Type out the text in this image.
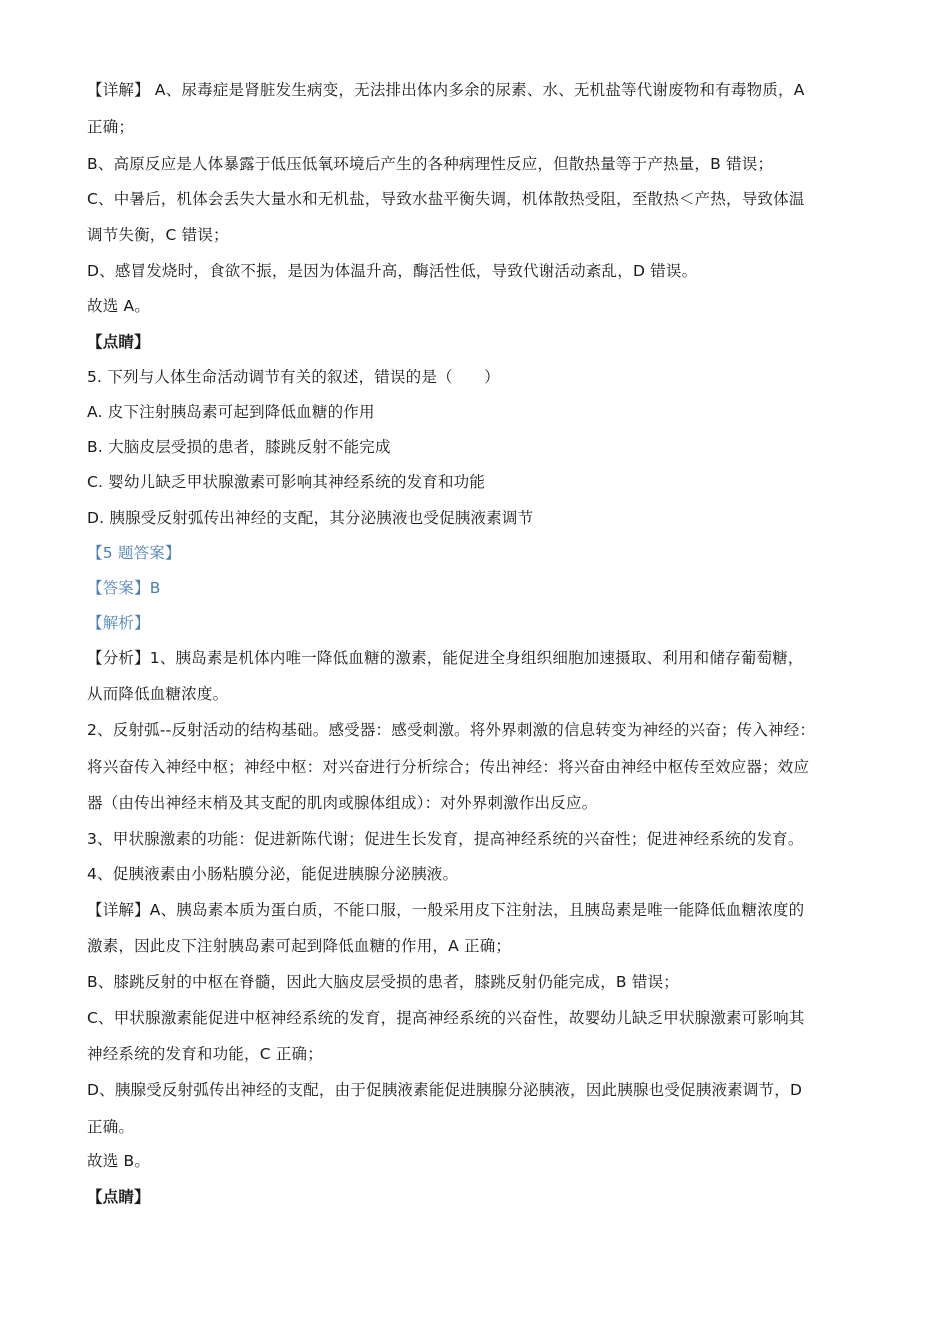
【详解】 A、尿毒症是肾脏发生病变，无法排出体内多余的尿素、水、无机盐等代谢废物和有毒物质，A
正确；
B、高原反应是人体暴露于低压低氧环境后产生的各种病理性反应，但散热量等于产热量，B 错误；
C、中暑后，机体会丢失大量水和无机盐，导致水盐平衡失调，机体散热受阻，至散热＜产热，导致体温
调节失衡，C 错误；
D、感冒发烧时，食欲不振，是因为体温升高，酶活性低，导致代谢活动紊乱，D 错误。
故选 A。
【点睛】
5. 下列与人体生命活动调节有关的叙述，错误的是（　　）
A. 皮下注射胰岛素可起到降低血糖的作用
B. 大脑皮层受损的患者，膝跳反射不能完成
C. 婴幼儿缺乏甲状腺激素可影响其神经系统的发育和功能
D. 胰腺受反射弧传出神经的支配，其分泌胰液也受促胰液素调节
【5 题答案】
【答案】B
【解析】
【分析】1、胰岛素是机体内唯一降低血糖的激素，能促进全身组织细胞加速摄取、利用和储存葡萄糖，
从而降低血糖浓度。
2、反射弧--反射活动的结构基础。感受器：感受刺激。将外界刺激的信息转变为神经的兴奋；传入神经：
将兴奋传入神经中枢；神经中枢：对兴奋进行分析综合；传出神经：将兴奋由神经中枢传至效应器；效应
器（由传出神经末梢及其支配的肌肉或腺体组成）：对外界刺激作出反应。
3、甲状腺激素的功能：促进新陈代谢；促进生长发育，提高神经系统的兴奋性；促进神经系统的发育。
4、促胰液素由小肠粘膜分泌，能促进胰腺分泌胰液。
【详解】A、胰岛素本质为蛋白质，不能口服，一般采用皮下注射法，且胰岛素是唯一能降低血糖浓度的
激素，因此皮下注射胰岛素可起到降低血糖的作用，A 正确；
B、膝跳反射的中枢在脊髓，因此大脑皮层受损的患者，膝跳反射仍能完成，B 错误；
C、甲状腺激素能促进中枢神经系统的发育，提高神经系统的兴奋性，故婴幼儿缺乏甲状腺激素可影响其
神经系统的发育和功能，C 正确；
D、胰腺受反射弧传出神经的支配，由于促胰液素能促进胰腺分泌胰液，因此胰腺也受促胰液素调节，D
正确。
故选 B。
【点睛】
